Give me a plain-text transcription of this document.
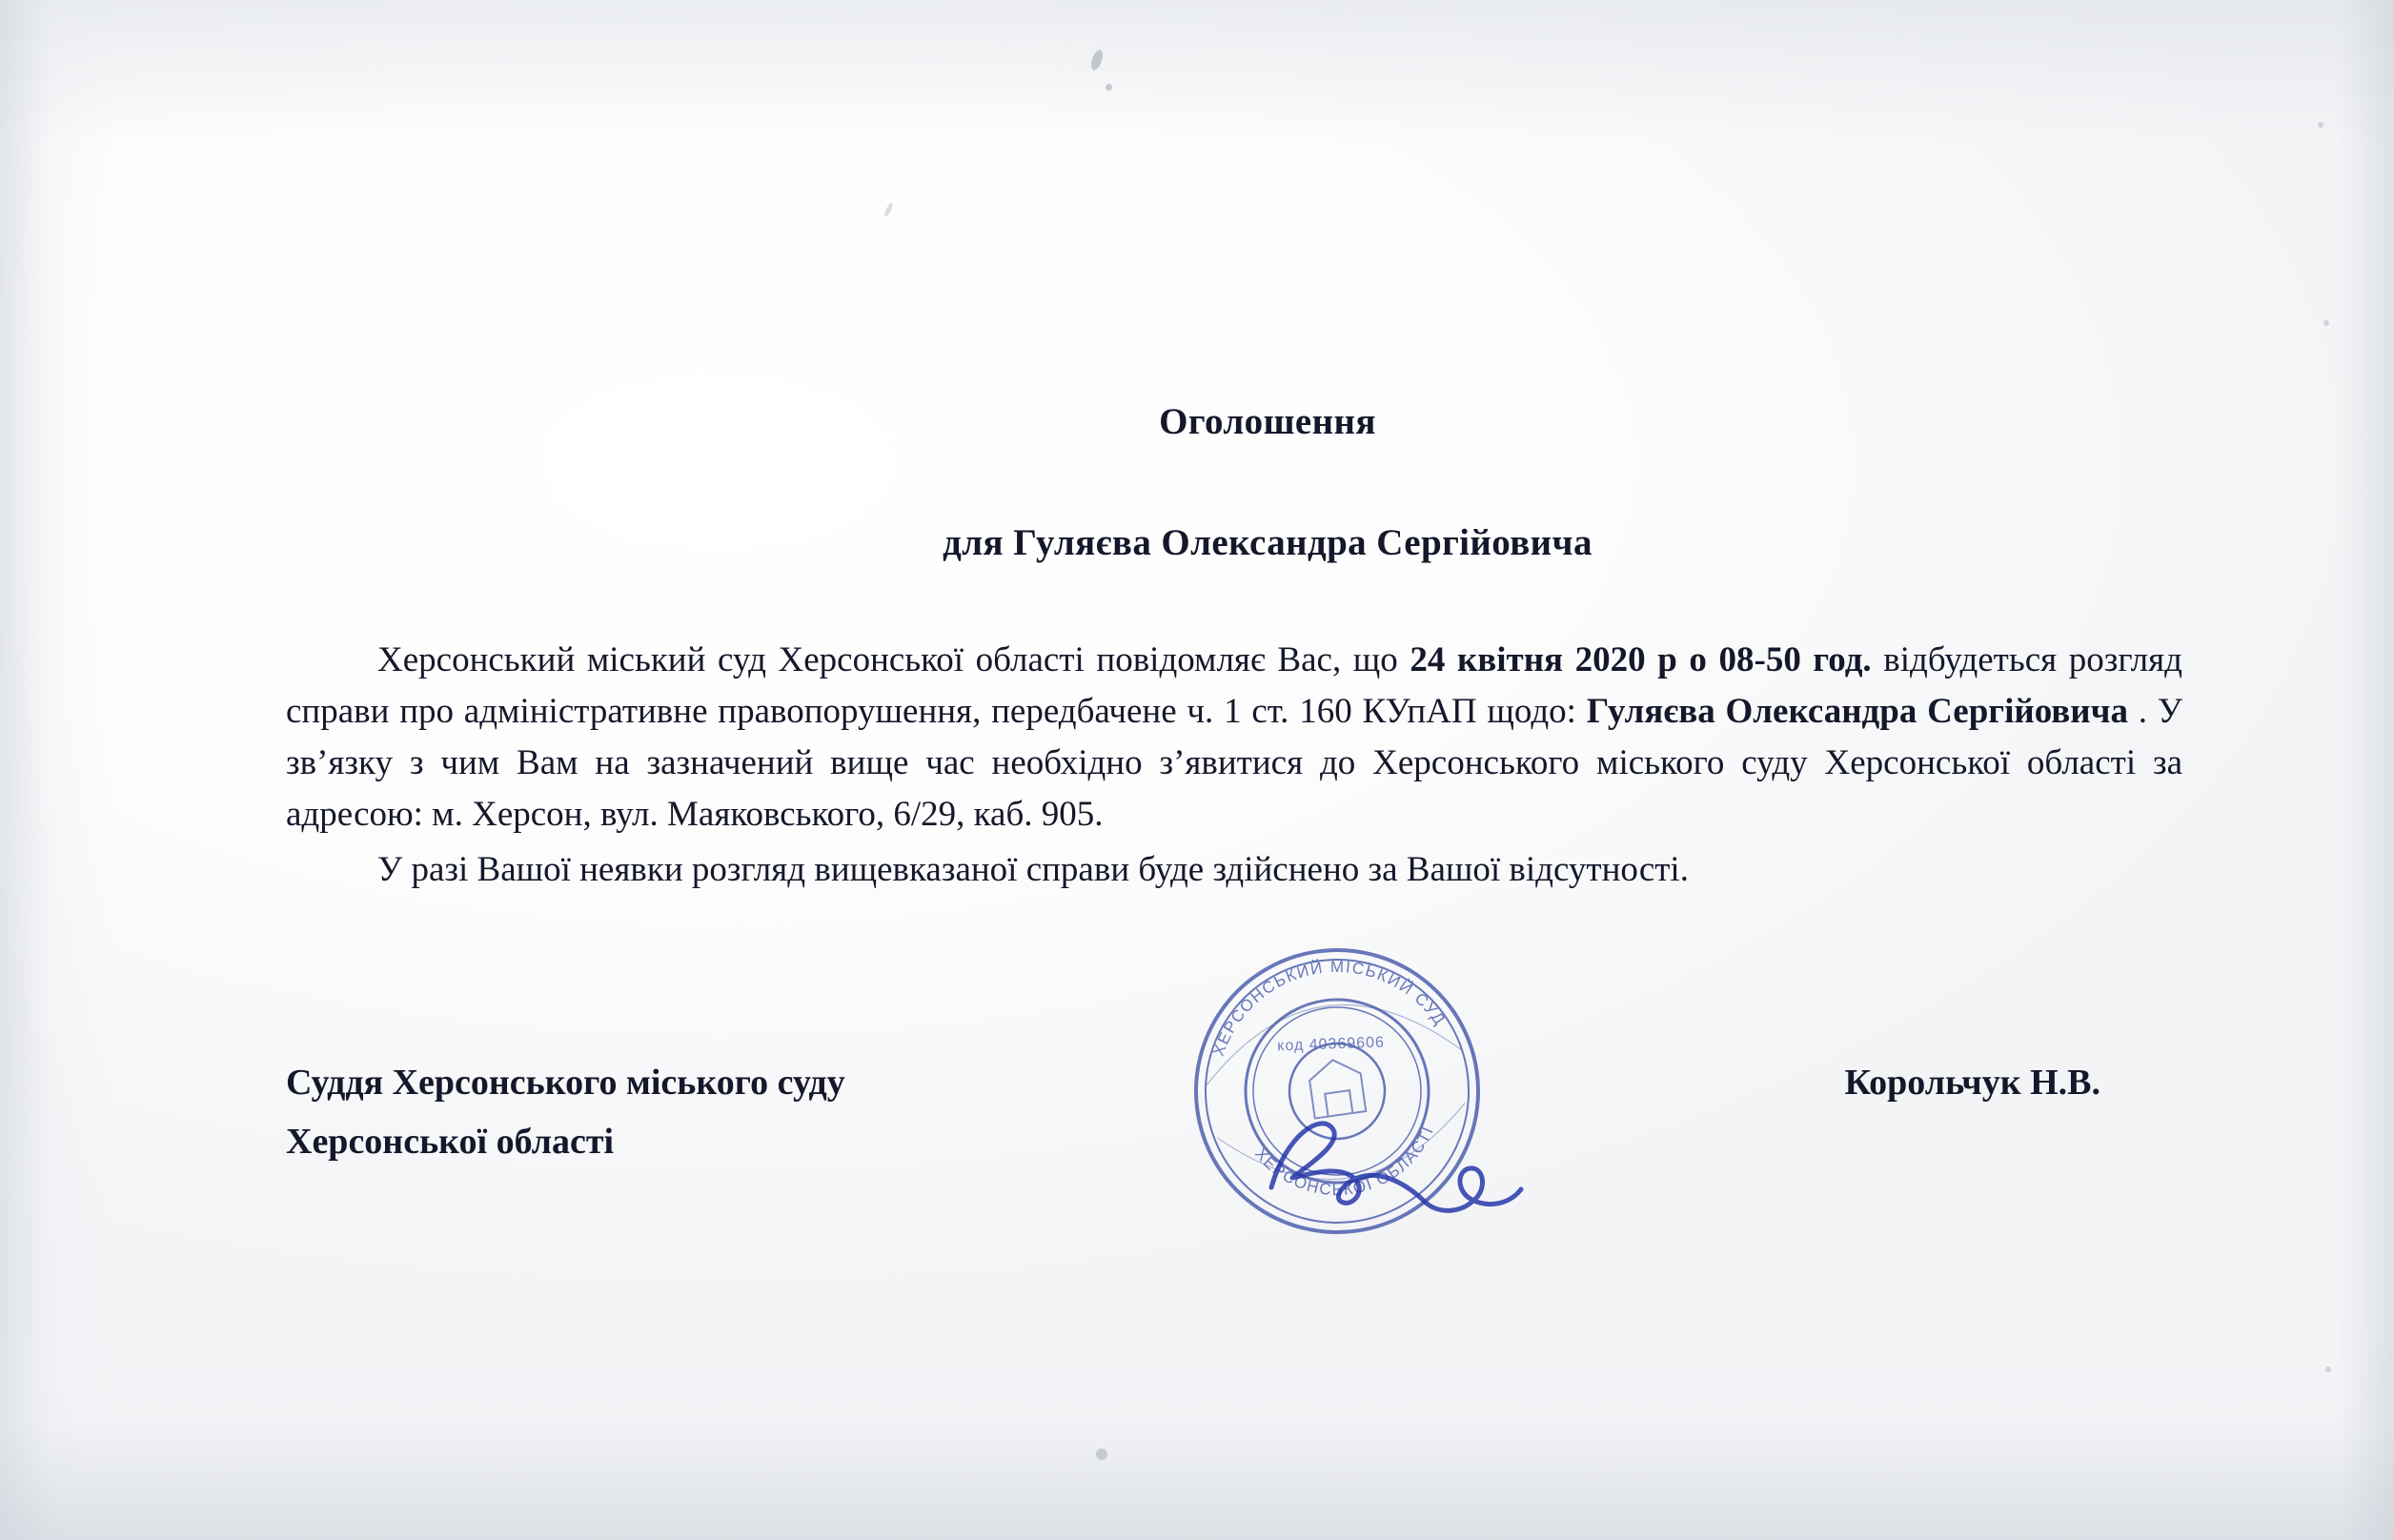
Оголошення
для Гуляєва Олександра Сергійовича

Херсонський міський суд Херсонської області повідомляє Вас, що 24 квітня 2020 р о 08-50 год. відбудеться розгляд справи про адміністративне правопорушення, передбачене ч. 1 ст. 160 КУпАП щодо: Гуляєва Олександра Сергійовича . У зв’язку з чим Вам на зазначений вище час необхідно з’явитися до Херсонського міського суду Херсонської області за адресою: м. Херсон, вул. Маяковського, 6/29, каб. 905.

У разі Вашої неявки розгляд вищевказаної справи буде здійснено за Вашої відсутності.

Суддя Херсонського міського суду
Херсонської області
Корольчук Н.В.
ХЕРСОНСЬКИЙ МІСЬКИЙ СУД
ХЕРСОНСЬКОЇ ОБЛАСТІ
код 40369606
